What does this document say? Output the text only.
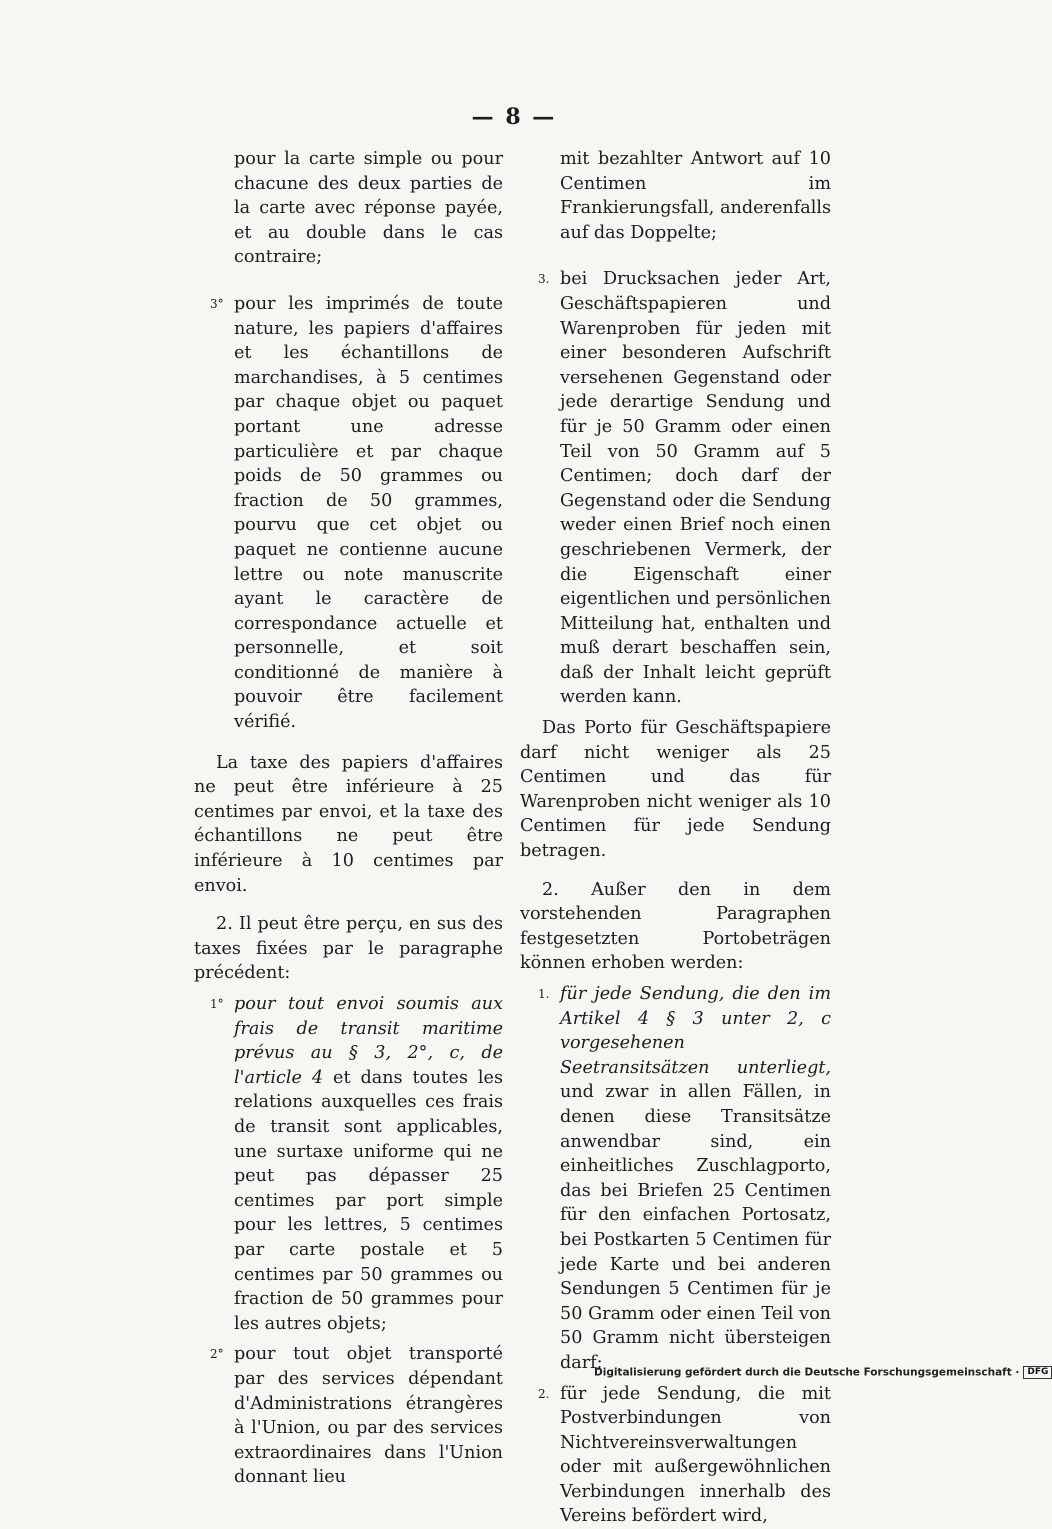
— 8 —
pour la carte simple ou pour chacune des deux parties de la carte avec réponse payée, et au double dans le cas contraire;
3° pour les imprimés de toute nature, les papiers d'affaires et les échantillons de marchandises, à 5 centimes par chaque objet ou paquet portant une adresse particulière et par chaque poids de 50 grammes ou fraction de 50 grammes, pourvu que cet objet ou paquet ne contienne aucune lettre ou note manuscrite ayant le caractère de correspondance actuelle et personnelle, et soit conditionné de manière à pouvoir être facilement vérifié.
La taxe des papiers d'affaires ne peut être inférieure à 25 centimes par envoi, et la taxe des échantillons ne peut être inférieure à 10 centimes par envoi.
2. Il peut être perçu, en sus des taxes fixées par le paragraphe précédent:
1° pour tout envoi soumis aux frais de transit maritime prévus au § 3, 2°, c, de l'article 4 et dans toutes les relations auxquelles ces frais de transit sont applicables, une surtaxe uniforme qui ne peut pas dépasser 25 centimes par port simple pour les lettres, 5 centimes par carte postale et 5 centimes par 50 grammes ou fraction de 50 grammes pour les autres objets;
2° pour tout objet transporté par des services dépendant d'Administrations étrangères à l'Union, ou par des services extraordinaires dans l'Union donnant lieu
mit bezahlter Antwort auf 10 Centimen im Frankierungsfall, anderenfalls auf das Doppelte;
3. bei Drucksachen jeder Art, Geschäftspapieren und Warenproben für jeden mit einer besonderen Aufschrift versehenen Gegenstand oder jede derartige Sendung und für je 50 Gramm oder einen Teil von 50 Gramm auf 5 Centimen; doch darf der Gegenstand oder die Sendung weder einen Brief noch einen geschriebenen Vermerk, der die Eigenschaft einer eigentlichen und persönlichen Mitteilung hat, enthalten und muß derart beschaffen sein, daß der Inhalt leicht geprüft werden kann.
Das Porto für Geschäftspapiere darf nicht weniger als 25 Centimen und das für Warenproben nicht weniger als 10 Centimen für jede Sendung betragen.
2. Außer den in dem vorstehenden Paragraphen festgesetzten Portobeträgen können erhoben werden:
1. für jede Sendung, die den im Artikel 4 § 3 unter 2, c vorgesehenen Seetransitsätzen unterliegt, und zwar in allen Fällen, in denen diese Transitsätze anwendbar sind, ein einheitliches Zuschlagporto, das bei Briefen 25 Centimen für den einfachen Portosatz, bei Postkarten 5 Centimen für jede Karte und bei anderen Sendungen 5 Centimen für je 50 Gramm oder einen Teil von 50 Gramm nicht übersteigen darf;
2. für jede Sendung, die mit Postverbindungen von Nichtvereinsverwaltungen oder mit außergewöhnlichen Verbindungen innerhalb des Vereins befördert wird,
Digitalisierung gefördert durch die Deutsche Forschungsgemeinschaft · DFG
